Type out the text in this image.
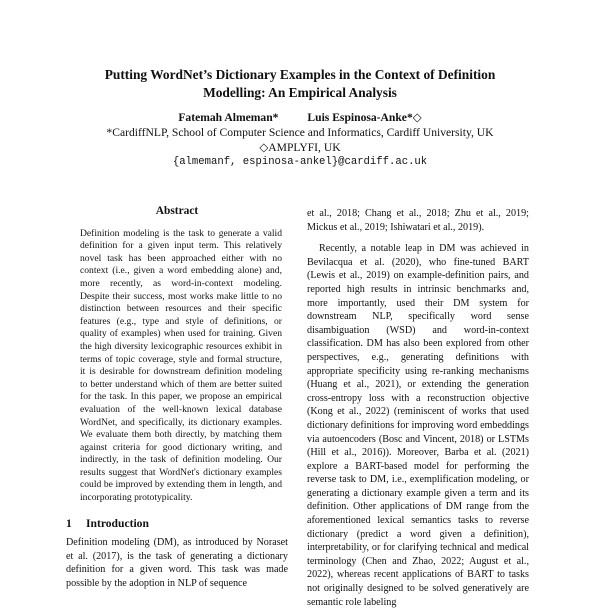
Putting WordNet’s Dictionary Examples in the Context of Definition
Modelling: An Empirical Analysis
Fatemah Almeman* Luis Espinosa-Anke*◇
*CardiffNLP, School of Computer Science and Informatics, Cardiff University, UK
◇AMPLYFI, UK
{almemanf, espinosa-ankel}@cardiff.ac.uk
Abstract
Definition modeling is the task to generate a valid definition for a given input term. This relatively novel task has been approached either with no context (i.e., given a word embedding alone) and, more recently, as word-in-context modeling. Despite their success, most works make little to no distinction between resources and their specific features (e.g., type and style of definitions, or quality of examples) when used for training. Given the high diversity lexicographic resources exhibit in terms of topic coverage, style and formal structure, it is desirable for downstream definition modeling to better understand which of them are better suited for the task. In this paper, we propose an empirical evaluation of the well-known lexical database WordNet, and specifically, its dictionary examples. We evaluate them both directly, by matching them against criteria for good dictionary writing, and indirectly, in the task of definition modeling. Our results suggest that WordNet's dictionary examples could be improved by extending them in length, and incorporating prototypicality.
1 Introduction

Definition modeling (DM), as introduced by Noraset et al. (2017), is the task of generating a dictionary definition for a given word. This task was made possible by the adoption in NLP of sequence

et al., 2018; Chang et al., 2018; Zhu et al., 2019; Mickus et al., 2019; Ishiwatari et al., 2019).

Recently, a notable leap in DM was achieved in Bevilacqua et al. (2020), who fine-tuned BART (Lewis et al., 2019) on example-definition pairs, and reported high results in intrinsic benchmarks and, more importantly, used their DM system for downstream NLP, specifically word sense disambiguation (WSD) and word-in-context classification. DM has also been explored from other perspectives, e.g., generating definitions with appropriate specificity using re-ranking mechanisms (Huang et al., 2021), or extending the generation cross-entropy loss with a reconstruction objective (Kong et al., 2022) (reminiscent of works that used dictionary definitions for improving word embeddings via autoencoders (Bosc and Vincent, 2018) or LSTMs (Hill et al., 2016)). Moreover, Barba et al. (2021) explore a BART-based model for performing the reverse task to DM, i.e., exemplification modeling, or generating a dictionary example given a term and its definition. Other applications of DM range from the aforementioned lexical semantics tasks to reverse dictionary (predict a word given a definition), interpretability, or for clarifying technical and medical terminology (Chen and Zhao, 2022; August et al., 2022), whereas recent applications of BART to tasks not originally designed to be solved generatively are semantic role labeling
